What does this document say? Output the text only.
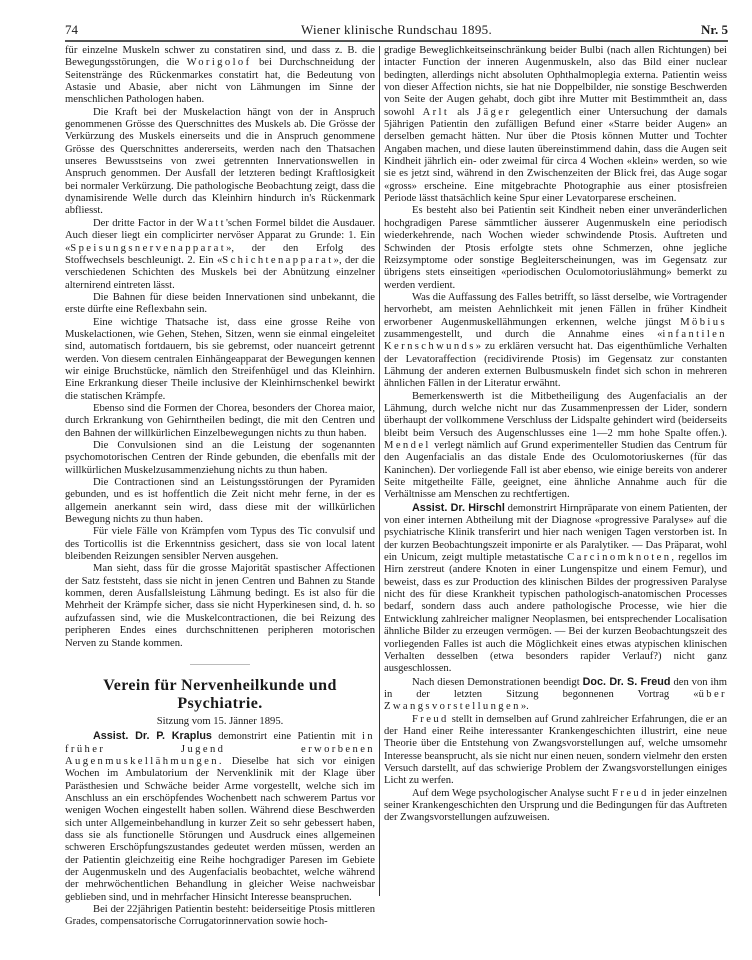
74	Wiener klinische Rundschau 1895.	Nr. 5

für einzelne Muskeln schwer zu constatiren sind, und dass z. B. die Bewegungsstörungen, die Worigolof bei Durchschneidung der Seitenstränge des Rückenmarkes constatirt hat, die Bedeutung von Astasie und Abasie, aber nicht von Lähmungen im Sinne der menschlichen Pathologen haben.

Die Kraft bei der Muskelaction hängt von der in Anspruch genommenen Grösse des Querschnittes des Muskels ab. Die Grösse der Verkürzung des Muskels einerseits und die in Anspruch genommene Grösse des Querschnittes andererseits, werden nach den Thatsachen unseres Bewusstseins von zwei getrennten Innervationswellen in Anspruch genommen. Der Ausfall der letzteren bedingt Kraftlosigkeit bei normaler Verkürzung. Die pathologische Beobachtung zeigt, dass die dynamisirende Welle durch das Kleinhirn hindurch in's Rückenmark abfliesst.

Der dritte Factor in der Watt'schen Formel bildet die Ausdauer. Auch dieser liegt ein complicirter nervöser Apparat zu Grunde: 1. Ein «Speisungsnervenapparat», der den Erfolg des Stoffwechsels beschleunigt. 2. Ein «Schichtenapparat», der die verschiedenen Schichten des Muskels bei der Abnützung einzelner alternirend eintreten lässt.

Die Bahnen für diese beiden Innervationen sind unbekannt, die erste dürfte eine Reflexbahn sein.

Eine wichtige Thatsache ist, dass eine grosse Reihe von Muskelactionen, wie Gehen, Stehen, Sitzen, wenn sie einmal eingeleitet sind, automatisch fortdauern, bis sie gebremst, oder nuanceirt getrennt werden. Von diesem centralen Einhängeapparat der Bewegungen kennen wir einige Bruchstücke, nämlich den Streifenhügel und das Kleinhirn. Eine Erkrankung dieser Theile inclusive der Kleinhirnschenkel bewirkt die statischen Krämpfe.

Ebenso sind die Formen der Chorea, besonders der Chorea maior, durch Erkrankung von Gehirntheilen bedingt, die mit den Centren und den Bahnen der willkürlichen Einzelbewegungen nichts zu thun haben.

Die Convulsionen sind an die Leistung der sogenannten psychomotorischen Centren der Rinde gebunden, die ebenfalls mit der willkürlichen Muskelzusammenziehung nichts zu thun haben.

Die Contractionen sind an Leistungsstörungen der Pyramiden gebunden, und es ist hoffentlich die Zeit nicht mehr ferne, in der es allgemein anerkannt sein wird, dass diese mit der willkürlichen Bewegung nichts zu thun haben.

Für viele Fälle von Krämpfen vom Typus des Tic convulsif und des Torticollis ist die Erkenntniss gesichert, dass sie von local latent bleibenden Reizungen sensibler Nerven ausgehen.

Man sieht, dass für die grosse Majorität spastischer Affectionen der Satz feststeht, dass sie nicht in jenen Centren und Bahnen zu Stande kommen, deren Ausfallsleistung Lähmung bedingt. Es ist also für die Mehrheit der Krämpfe sicher, dass sie nicht Hyperkinesen sind, d. h. so aufzufassen sind, wie die Muskelcontractionen, die bei Reizung des peripheren Endes eines durchschnittenen peripheren motorischen Nerven zu Stande kommen.

Verein für Nervenheilkunde und Psychiatrie.
Sitzung vom 15. Jänner 1895.

Assist. Dr. P. Kraplus demonstrirt eine Patientin mit in früher Jugend erworbenen Augenmuskellähmungen. Dieselbe hat sich vor einigen Wochen im Ambulatorium der Nervenklinik mit der Klage über Parästhesien und Schwäche beider Arme vorgestellt, welche sich im Anschluss an ein erschöpfendes Wochenbett nach schwerem Partus vor wenigen Wochen eingestellt haben sollen. Während diese Beschwerden sich unter Allgemeinbehandlung in kurzer Zeit so sehr gebessert haben, dass sie als functionelle Störungen und Ausdruck eines allgemeinen schweren Erschöpfungszustandes gedeutet werden müssen, werden an der Patientin gleichzeitig eine Reihe hochgradiger Paresen im Gebiete der Augenmuskeln und des Augenfacialis beobachtet, welche während der mehrwöchentlichen Behandlung in gleicher Weise nachweisbar geblieben sind, und in mehrfacher Hinsicht Interesse beanspruchen.

Bei der 22jährigen Patientin besteht: beiderseitige Ptosis mittleren Grades, compensatorische Corrugatorinnervation sowie hoch-

gradige Beweglichkeitseinschränkung beider Bulbi (nach allen Richtungen) bei intacter Function der inneren Augenmuskeln, also das Bild einer nuclear bedingten, allerdings nicht absoluten Ophthalmoplegia externa. Patientin weiss von dieser Affection nichts, sie hat nie Doppelbilder, nie sonstige Beschwerden von Seite der Augen gehabt, doch gibt ihre Mutter mit Bestimmtheit an, dass sowohl Arlt als Jäger gelegentlich einer Untersuchung der damals 5jährigen Patientin den zufälligen Befund einer «Starre beider Augen» an derselben gemacht hätten. Nur über die Ptosis können Mutter und Tochter Angaben machen, und diese lauten übereinstimmend dahin, dass die Augen seit Kindheit jährlich ein- oder zweimal für circa 4 Wochen «klein» werden, so wie sie es jetzt sind, während in den Zwischenzeiten der Blick frei, das Auge sogar «gross» erscheine. Eine mitgebrachte Photographie aus einer ptosisfreien Periode lässt thatsächlich keine Spur einer Levatorparese erscheinen.

Es besteht also bei Patientin seit Kindheit neben einer unveränderlichen hochgradigen Parese sämmtlicher äusserer Augenmuskeln eine periodisch wiederkehrende, nach Wochen wieder schwindende Ptosis. Auftreten und Schwinden der Ptosis erfolgte stets ohne Schmerzen, ohne jegliche Reizsymptome oder sonstige Begleiterscheinungen, was im Gegensatz zur übrigens stets einseitigen «periodischen Oculomotoriuslähmung» bemerkt zu werden verdient.

Was die Auffassung des Falles betrifft, so lässt derselbe, wie Vortragender hervorhebt, am meisten Aehnlichkeit mit jenen Fällen in früher Kindheit erworbener Augenmuskellähmungen erkennen, welche jüngst Möbius zusammengestellt, und durch die Annahme eines «infantilen Kernschwunds» zu erklären versucht hat. Das eigenthümliche Verhalten der Levatoraffection (recidivirende Ptosis) im Gegensatz zur constanten Lähmung der anderen externen Bulbusmuskeln findet sich schon in mehreren ähnlichen Fällen in der Literatur erwähnt.

Bemerkenswerth ist die Mitbetheiligung des Augenfacialis an der Lähmung, durch welche nicht nur das Zusammenpressen der Lider, sondern überhaupt der vollkommene Verschluss der Lidspalte gehindert wird (beiderseits bleibt beim Versuch des Augenschlusses eine 1—2 mm hohe Spalte offen.). Mendel verlegt nämlich auf Grund experimenteller Studien das Centrum für den Augenfacialis an das distale Ende des Oculomotoriuskernes (für das Kaninchen). Der vorliegende Fall ist aber ebenso, wie einige bereits von anderer Seite mitgetheilte Fälle, geeignet, eine ähnliche Annahme auch für die Verhältnisse am Menschen zu rechtfertigen.

Assist. Dr. Hirschl demonstrirt Hirnpräparate von einem Patienten, der von einer internen Abtheilung mit der Diagnose «progressive Paralyse» auf die psychiatrische Klinik transferirt und hier nach wenigen Tagen verstorben ist. In der kurzen Beobachtungszeit imponirte er als Paralytiker. — Das Präparat, wohl ein Unicum, zeigt multiple metastatische Carcinomknoten, regellos im Hirn zerstreut (andere Knoten in einer Lungenspitze und einem Femur), und beweist, dass es zur Production des klinischen Bildes der progressiven Paralyse nicht des für diese Krankheit typischen pathologisch-anatomischen Processes bedarf, sondern dass auch andere pathologische Processe, wie hier die Entwicklung zahlreicher maligner Neoplasmen, bei entsprechender Localisation ähnliche Bilder zu erzeugen vermögen. — Bei der kurzen Beobachtungszeit des vorliegenden Falles ist auch die Möglichkeit eines etwas atypischen klinischen Verhalten desselben (etwa besonders rapider Verlauf?) nicht ganz ausgeschlossen.

Nach diesen Demonstrationen beendigt Doc. Dr. S. Freud den von ihm in der letzten Sitzung begonnenen Vortrag «über Zwangsvorstellungen».

Freud stellt in demselben auf Grund zahlreicher Erfahrungen, die er an der Hand einer Reihe interessanter Krankengeschichten illustrirt, eine neue Theorie über die Entstehung von Zwangsvorstellungen auf, welche umsomehr Interesse beansprucht, als sie nicht nur einen neuen, sondern vielmehr den ersten Versuch darstellt, auf das schwierige Problem der Zwangsvorstellungen einiges Licht zu werfen.

Auf dem Wege psychologischer Analyse sucht Freud in jeder einzelnen seiner Krankengeschichten den Ursprung und die Bedingungen für das Auftreten der Zwangsvorstellungen aufzuweisen.
